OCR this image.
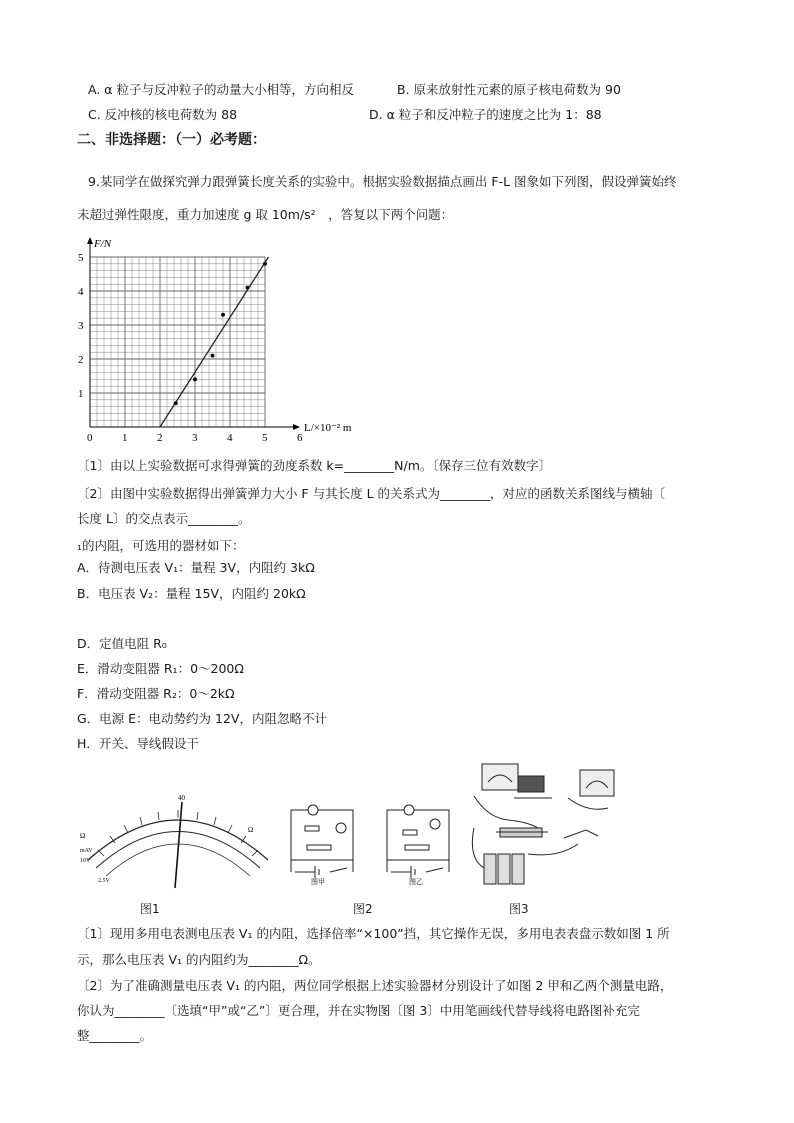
A. α 粒子与反冲粒子的动量大小相等，方向相反	B. 原来放射性元素的原子核电荷数为 90
C. 反冲核的核电荷数为 88	D. α 粒子和反冲粒子的速度之比为 1：88
二、非选择题：（一）必考题：
9.某同学在做探究弹力跟弹簧长度关系的实验中。根据实验数据描点画出 F-L 图象如下列图，假设弹簧始终
未超过弹性限度，重力加速度 g 取 10m/s²　，答复以下两个问题：
0	1	2	3	4	5	6
1
2
3
4
5
F/N
L/×10⁻² m
〔1〕由以上实验数据可求得弹簧的劲度系数 k=________N/m。〔保存三位有效数字〕
〔2〕由图中实验数据得出弹簧弹力大小 F 与其长度 L 的关系式为________，对应的函数关系图线与横轴〔
长度 L〕的交点表示________。
₁的内阻，可选用的器材如下：
A．待测电压表 V₁：量程 3V，内阻约 3kΩ
B．电压表 V₂：量程 15V，内阻约 20kΩ
D．定值电阻 R₀
E．滑动变阻器 R₁：0～200Ω
F．滑动变阻器 R₂：0～2kΩ
G．电源 E：电动势约为 12V，内阻忽略不计
H．开关、导线假设干
Ω
mAV
10V
2.5V
40
Ω
图甲	图乙
图1	图2	图3
〔1〕现用多用电表测电压表 V₁ 的内阻，选择倍率“×100”挡，其它操作无误，多用电表表盘示数如图 1 所
示，那么电压表 V₁ 的内阻约为________Ω。
〔2〕为了准确测量电压表 V₁ 的内阻，两位同学根据上述实验器材分别设计了如图 2 甲和乙两个测量电路，
你认为________〔选填“甲”或“乙”〕更合理，并在实物图〔图 3〕中用笔画线代替导线将电路图补充完
整________。
